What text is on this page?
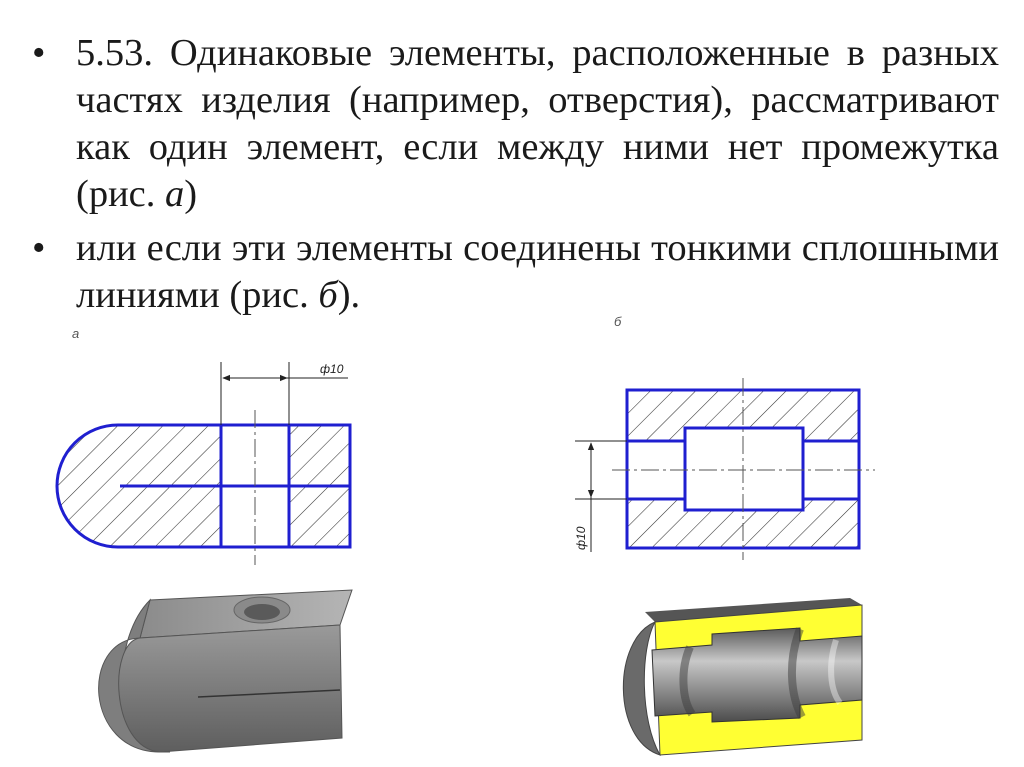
• 5.53. Одинаковые элементы, расположенные в разных частях изделия (например, отверстия), рассматривают как один элемент, если между ними нет промежутка (рис. а)
• или если эти элементы соединены тонкими сплошными линиями (рис. б).
а
б
ф10
ф10
